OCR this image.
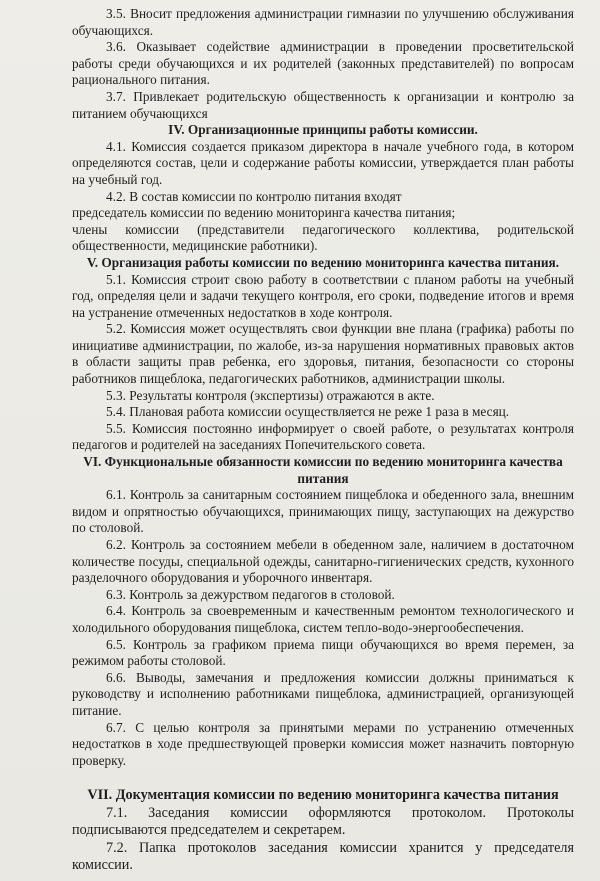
3.5. Вносит предложения администрации гимназии по улучшению обслуживания обучающихся.

3.6. Оказывает содействие администрации в проведении просветительской работы среди обучающихся и их родителей (законных представителей) по вопросам рационального питания.

3.7. Привлекает родительскую общественность к организации и контролю за питанием обучающихся

IV. Организационные принципы работы комиссии.

4.1. Комиссия создается приказом директора в начале учебного года, в котором определяются состав, цели и содержание работы комиссии, утверждается план работы на учебный год.

4.2. В состав комиссии по контролю питания входят

председатель комиссии по ведению мониторинга качества питания;

члены комиссии (представители педагогического коллектива, родительской общественности, медицинские работники).

V. Организация работы комиссии по ведению мониторинга качества питания.

5.1. Комиссия строит свою работу в соответствии с планом работы на учебный год, определяя цели и задачи текущего контроля, его сроки, подведение итогов и время на устранение отмеченных недостатков в ходе контроля.

5.2. Комиссия может осуществлять свои функции вне плана (графика) работы по инициативе администрации, по жалобе, из-за нарушения нормативных правовых актов в области защиты прав ребенка, его здоровья, питания, безопасности со стороны работников пищеблока, педагогических работников, администрации школы.

5.3. Результаты контроля (экспертизы) отражаются в акте.

5.4. Плановая работа комиссии осуществляется не реже 1 раза в месяц.

5.5. Комиссия постоянно информирует о своей работе, о результатах контроля педагогов и родителей на заседаниях Попечительского совета.

VI. Функциональные обязанности комиссии по ведению мониторинга качества питания

6.1. Контроль за санитарным состоянием пищеблока и обеденного зала, внешним видом и опрятностью обучающихся, принимающих пищу, заступающих на дежурство по столовой.

6.2. Контроль за состоянием мебели в обеденном зале, наличием в достаточном количестве посуды, специальной одежды, санитарно-гигиенических средств, кухонного разделочного оборудования и уборочного инвентаря.

6.3. Контроль за дежурством педагогов в столовой.

6.4. Контроль за своевременным и качественным ремонтом технологического и холодильного оборудования пищеблока, систем тепло-водо-энергообеспечения.

6.5. Контроль за графиком приема пищи обучающихся во время перемен, за режимом работы столовой.

6.6. Выводы, замечания и предложения комиссии должны приниматься к руководству и исполнению работниками пищеблока, администрацией, организующей питание.

6.7. С целью контроля за принятыми мерами по устранению отмеченных недостатков в ходе предшествующей проверки комиссия может назначить повторную проверку.

VII. Документация комиссии по ведению мониторинга качества питания

7.1. Заседания комиссии оформляются протоколом. Протоколы подписываются председателем и секретарем.

7.2. Папка протоколов заседания комиссии хранится у председателя комиссии.
